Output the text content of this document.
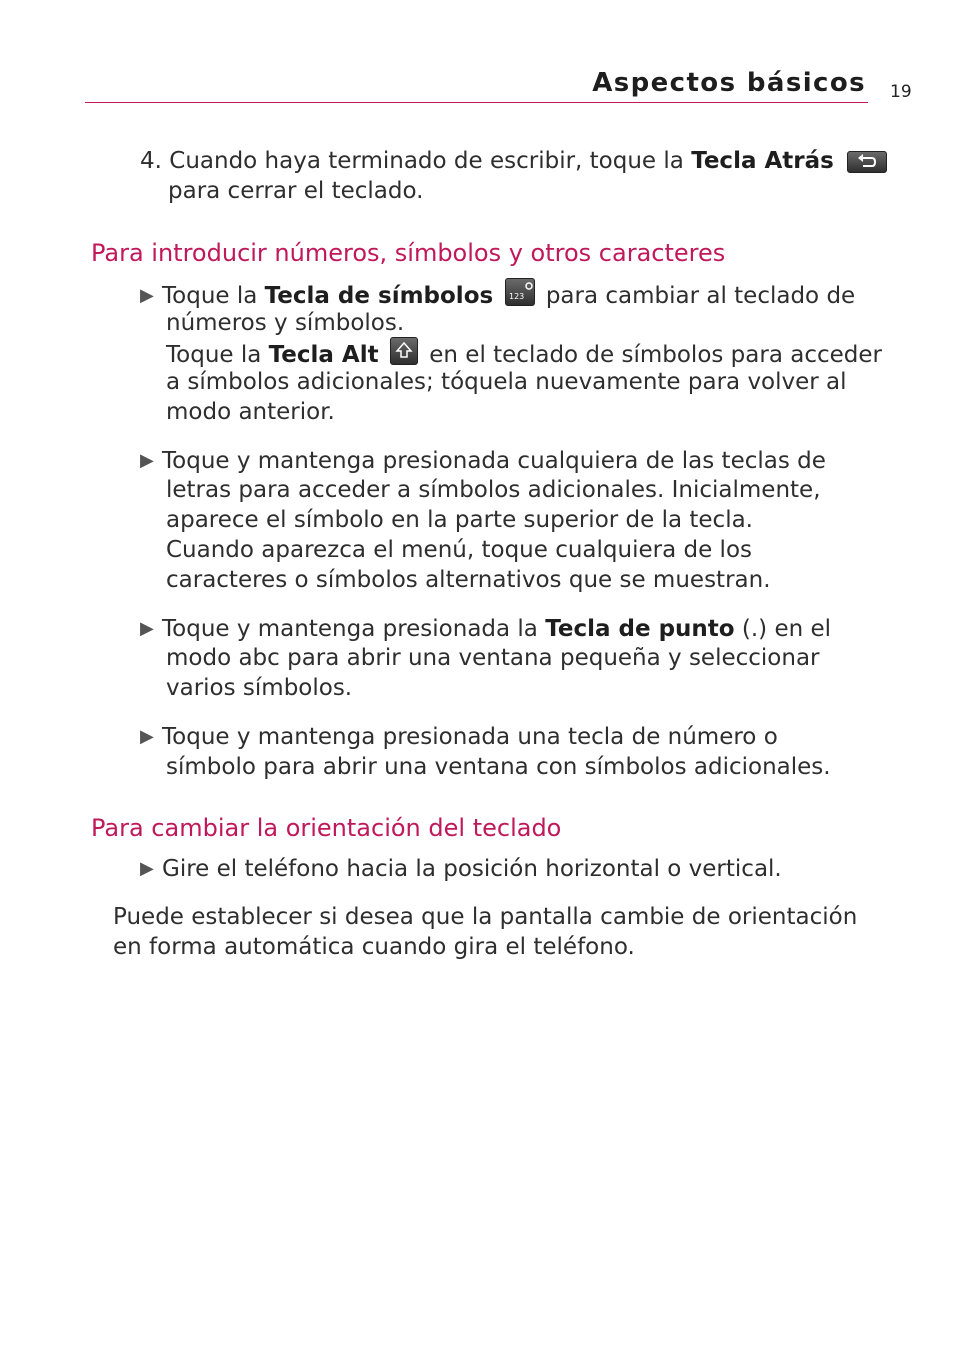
Aspectos básicos 19
4. Cuando haya terminado de escribir, toque la Tecla Atrás
para cerrar el teclado.
Para introducir números, símbolos y otros caracteres
▶ Toque la Tecla de símbolos 123 para cambiar al teclado de
números y símbolos.
Toque la Tecla Alt en el teclado de símbolos para acceder
a símbolos adicionales; tóquela nuevamente para volver al
modo anterior.
▶ Toque y mantenga presionada cualquiera de las teclas de
letras para acceder a símbolos adicionales. Inicialmente,
aparece el símbolo en la parte superior de la tecla.
Cuando aparezca el menú, toque cualquiera de los
caracteres o símbolos alternativos que se muestran.
▶ Toque y mantenga presionada la Tecla de punto (.) en el
modo abc para abrir una ventana pequeña y seleccionar
varios símbolos.
▶ Toque y mantenga presionada una tecla de número o
símbolo para abrir una ventana con símbolos adicionales.
Para cambiar la orientación del teclado
▶ Gire el teléfono hacia la posición horizontal o vertical.
Puede establecer si desea que la pantalla cambie de orientación
en forma automática cuando gira el teléfono.
